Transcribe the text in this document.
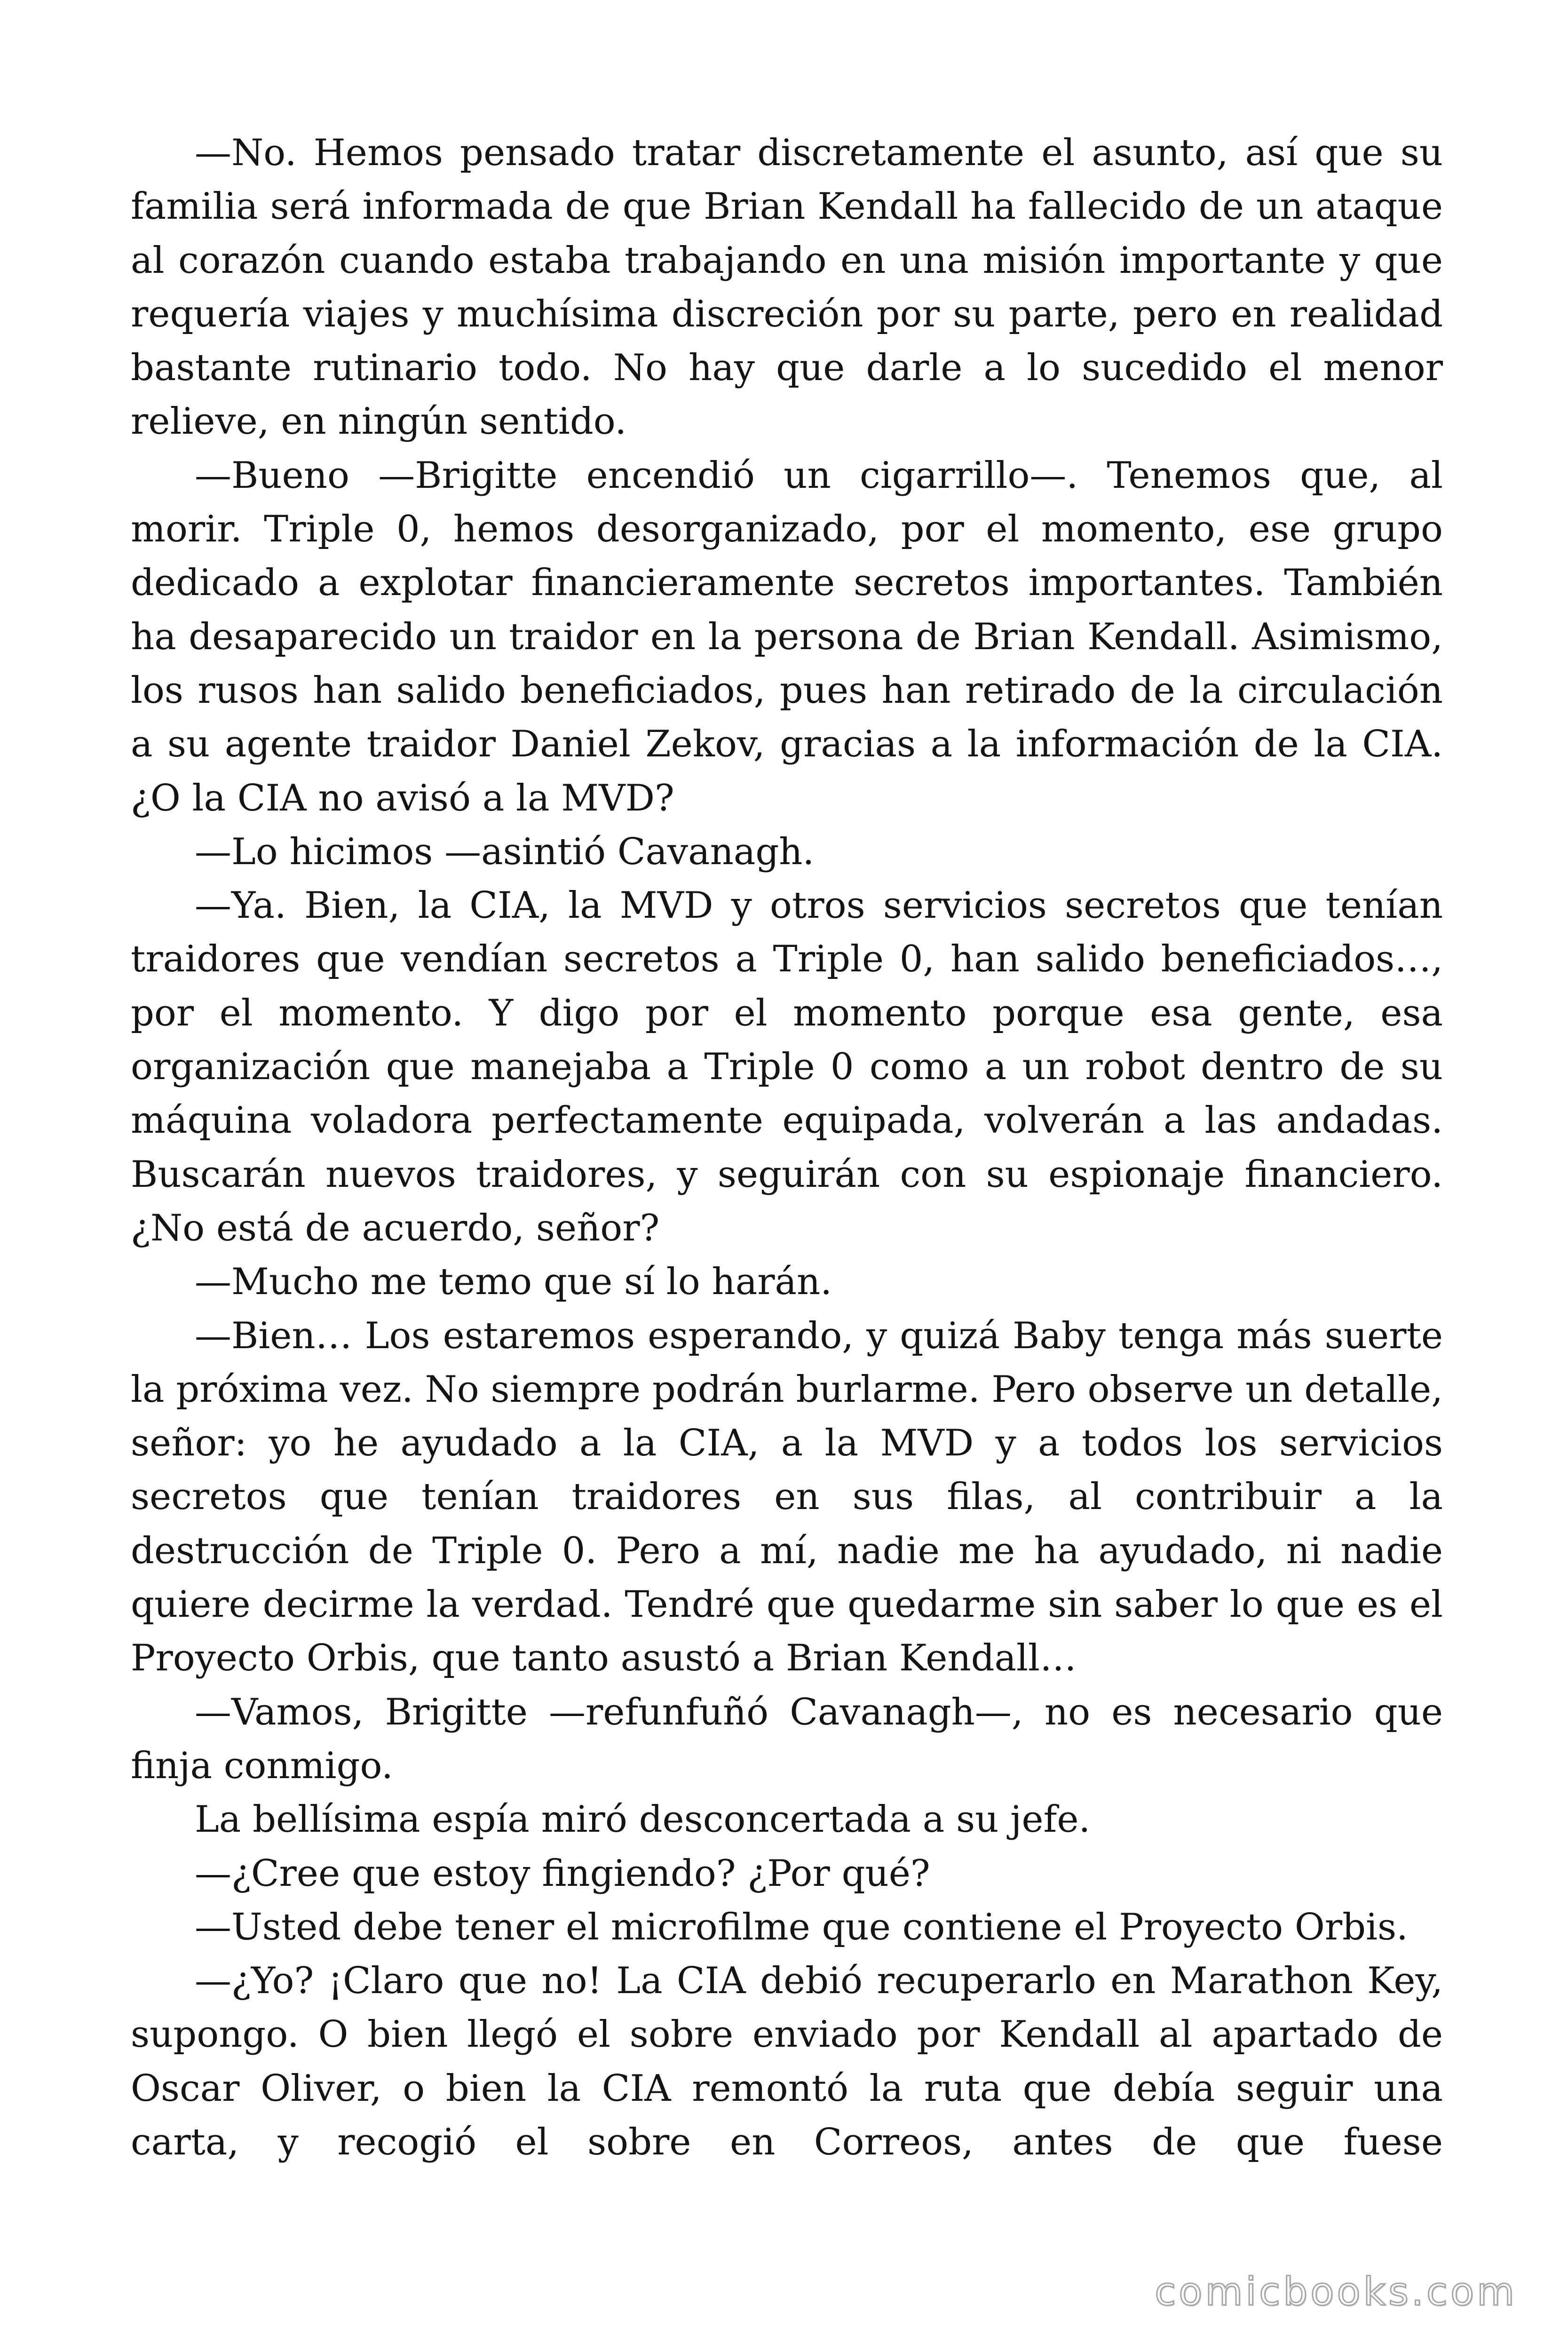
—No. Hemos pensado tratar discretamente el asunto, así que su familia será informada de que Brian Kendall ha fallecido de un ataque al corazón cuando estaba trabajando en una misión importante y que requería viajes y muchísima discreción por su parte, pero en realidad bastante rutinario todo. No hay que darle a lo sucedido el menor relieve, en ningún sentido.

—Bueno —Brigitte encendió un cigarrillo—. Tenemos que, al morir. Triple 0, hemos desorganizado, por el momento, ese grupo dedicado a explotar financieramente secretos importantes. También ha desaparecido un traidor en la persona de Brian Kendall. Asimismo, los rusos han salido beneficiados, pues han retirado de la circulación a su agente traidor Daniel Zekov, gracias a la información de la CIA. ¿O la CIA no avisó a la MVD?

—Lo hicimos —asintió Cavanagh.

—Ya. Bien, la CIA, la MVD y otros servicios secretos que tenían traidores que vendían secretos a Triple 0, han salido beneficiados…, por el momento. Y digo por el momento porque esa gente, esa organización que manejaba a Triple 0 como a un robot dentro de su máquina voladora perfectamente equipada, volverán a las andadas. Buscarán nuevos traidores, y seguirán con su espionaje financiero. ¿No está de acuerdo, señor?

—Mucho me temo que sí lo harán.

—Bien… Los estaremos esperando, y quizá Baby tenga más suerte la próxima vez. No siempre podrán burlarme. Pero observe un detalle, señor: yo he ayudado a la CIA, a la MVD y a todos los servicios secretos que tenían traidores en sus filas, al contribuir a la destrucción de Triple 0. Pero a mí, nadie me ha ayudado, ni nadie quiere decirme la verdad. Tendré que quedarme sin saber lo que es el Proyecto Orbis, que tanto asustó a Brian Kendall…

—Vamos, Brigitte —refunfuñó Cavanagh—, no es necesario que finja conmigo.

La bellísima espía miró desconcertada a su jefe.

—¿Cree que estoy fingiendo? ¿Por qué?

—Usted debe tener el microfilme que contiene el Proyecto Orbis.

—¿Yo? ¡Claro que no! La CIA debió recuperarlo en Marathon Key, supongo. O bien llegó el sobre enviado por Kendall al apartado de Oscar Oliver, o bien la CIA remontó la ruta que debía seguir una carta, y recogió el sobre en Correos, antes de que fuese

comicbooks.com
